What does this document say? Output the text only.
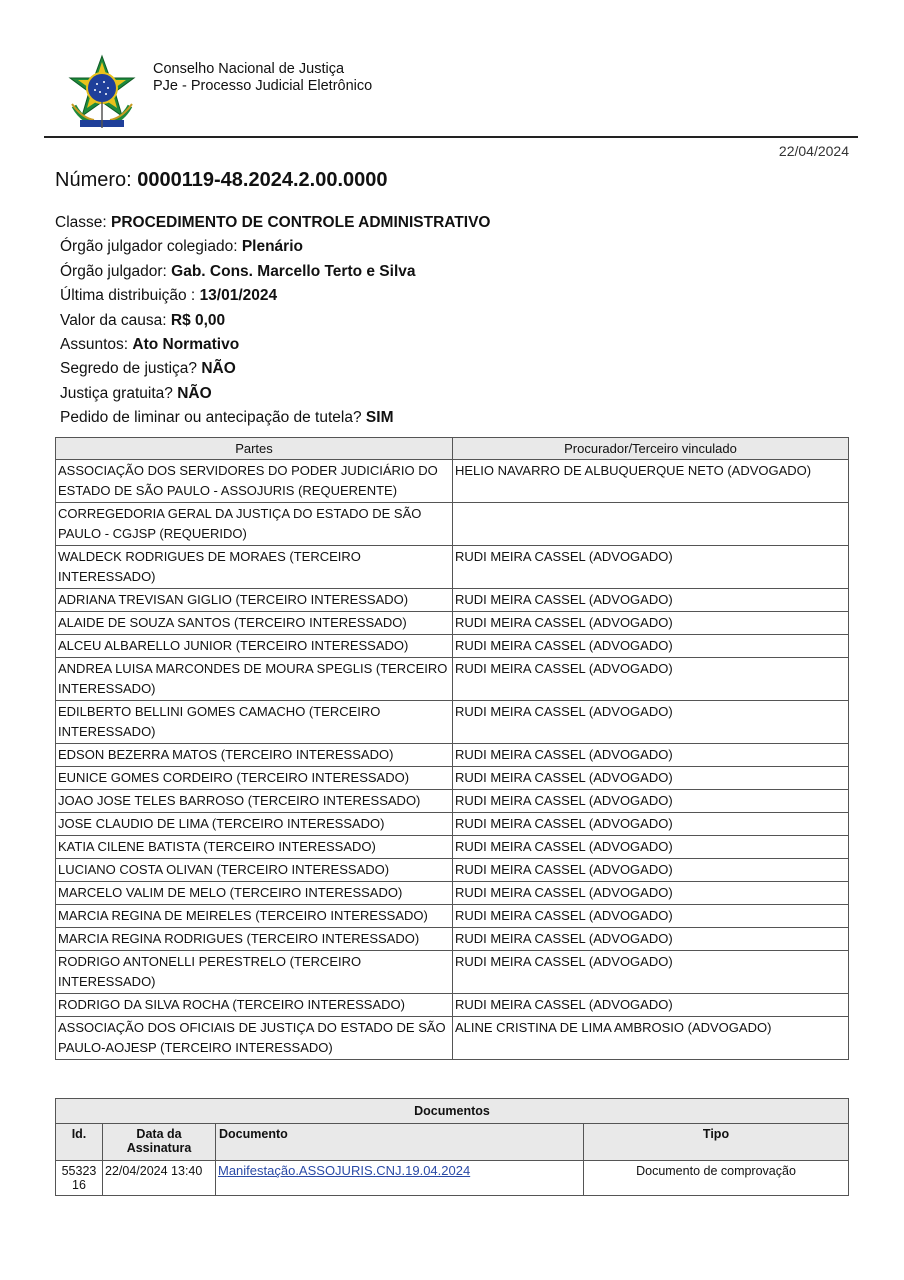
Conselho Nacional de Justiça
PJe - Processo Judicial Eletrônico
22/04/2024
Número: 0000119-48.2024.2.00.0000
Classe: PROCEDIMENTO DE CONTROLE ADMINISTRATIVO
Órgão julgador colegiado: Plenário
Órgão julgador: Gab. Cons. Marcello Terto e Silva
Última distribuição : 13/01/2024
Valor da causa: R$ 0,00
Assuntos: Ato Normativo
Segredo de justiça? NÃO
Justiça gratuita? NÃO
Pedido de liminar ou antecipação de tutela? SIM
Partes	Procurador/Terceiro vinculado
ASSOCIAÇÃO DOS SERVIDORES DO PODER JUDICIÁRIO DO ESTADO DE SÃO PAULO - ASSOJURIS (REQUERENTE)	HELIO NAVARRO DE ALBUQUERQUE NETO (ADVOGADO)
CORREGEDORIA GERAL DA JUSTIÇA DO ESTADO DE SÃO PAULO - CGJSP (REQUERIDO)	
WALDECK RODRIGUES DE MORAES (TERCEIRO INTERESSADO)	RUDI MEIRA CASSEL (ADVOGADO)
ADRIANA TREVISAN GIGLIO (TERCEIRO INTERESSADO)	RUDI MEIRA CASSEL (ADVOGADO)
ALAIDE DE SOUZA SANTOS (TERCEIRO INTERESSADO)	RUDI MEIRA CASSEL (ADVOGADO)
ALCEU ALBARELLO JUNIOR (TERCEIRO INTERESSADO)	RUDI MEIRA CASSEL (ADVOGADO)
ANDREA LUISA MARCONDES DE MOURA SPEGLIS (TERCEIRO INTERESSADO)	RUDI MEIRA CASSEL (ADVOGADO)
EDILBERTO BELLINI GOMES CAMACHO (TERCEIRO INTERESSADO)	RUDI MEIRA CASSEL (ADVOGADO)
EDSON BEZERRA MATOS (TERCEIRO INTERESSADO)	RUDI MEIRA CASSEL (ADVOGADO)
EUNICE GOMES CORDEIRO (TERCEIRO INTERESSADO)	RUDI MEIRA CASSEL (ADVOGADO)
JOAO JOSE TELES BARROSO (TERCEIRO INTERESSADO)	RUDI MEIRA CASSEL (ADVOGADO)
JOSE CLAUDIO DE LIMA (TERCEIRO INTERESSADO)	RUDI MEIRA CASSEL (ADVOGADO)
KATIA CILENE BATISTA (TERCEIRO INTERESSADO)	RUDI MEIRA CASSEL (ADVOGADO)
LUCIANO COSTA OLIVAN (TERCEIRO INTERESSADO)	RUDI MEIRA CASSEL (ADVOGADO)
MARCELO VALIM DE MELO (TERCEIRO INTERESSADO)	RUDI MEIRA CASSEL (ADVOGADO)
MARCIA REGINA DE MEIRELES (TERCEIRO INTERESSADO)	RUDI MEIRA CASSEL (ADVOGADO)
MARCIA REGINA RODRIGUES (TERCEIRO INTERESSADO)	RUDI MEIRA CASSEL (ADVOGADO)
RODRIGO ANTONELLI PERESTRELO (TERCEIRO INTERESSADO)	RUDI MEIRA CASSEL (ADVOGADO)
RODRIGO DA SILVA ROCHA (TERCEIRO INTERESSADO)	RUDI MEIRA CASSEL (ADVOGADO)
ASSOCIAÇÃO DOS OFICIAIS DE JUSTIÇA DO ESTADO DE SÃO PAULO-AOJESP (TERCEIRO INTERESSADO)	ALINE CRISTINA DE LIMA AMBROSIO (ADVOGADO)
Documentos			
Id.	Data da Assinatura	Documento	Tipo
55323 16	22/04/2024 13:40	Manifestação.ASSOJURIS.CNJ.19.04.2024	Documento de comprovação
